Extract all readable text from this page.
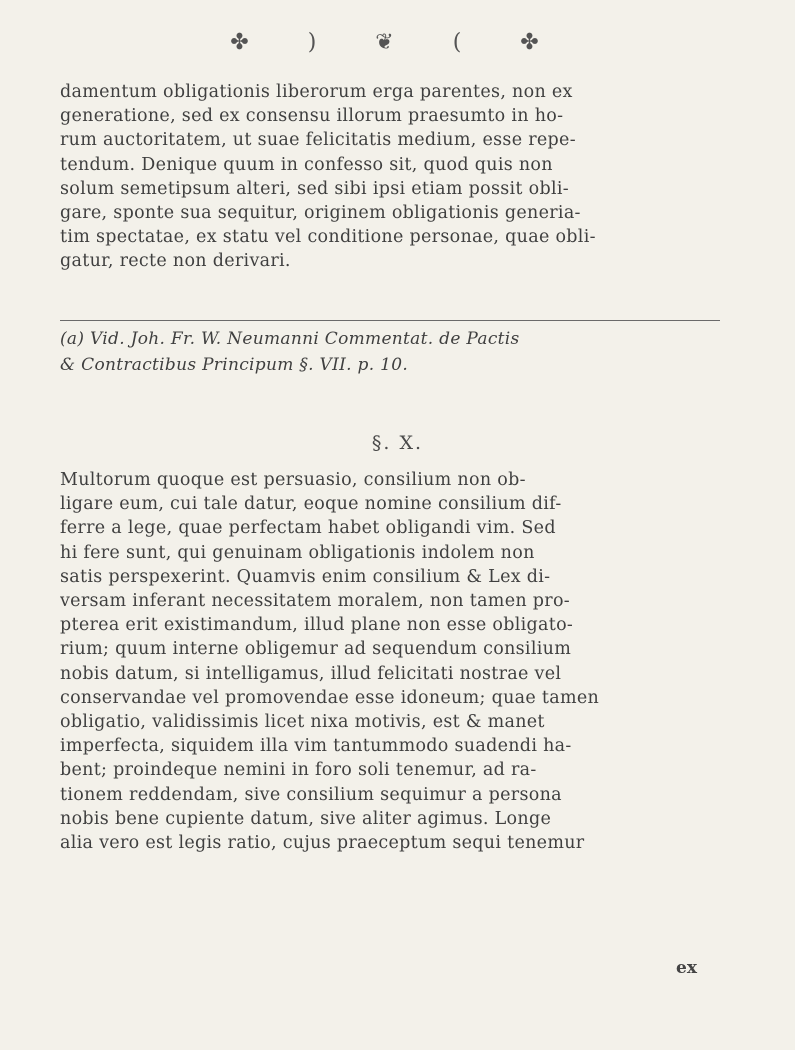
✤ ) ❦ ( ✤
damentum obligationis liberorum erga parentes, non ex
generatione, sed ex consensu illorum praesumto in ho-
rum auctoritatem, ut suae felicitatis medium, esse repe-
tendum. Denique quum in confesso sit, quod quis non
solum semetipsum alteri, sed sibi ipsi etiam possit obli-
gare, sponte sua sequitur, originem obligationis generia-
tim spectatae, ex statu vel conditione personae, quae obli-
gatur, recte non derivari.
(a) Vid. Joh. Fr. W. Neumanni Commentat. de Pactis
& Contractibus Principum §. VII. p. 10.
§. X.
Multorum quoque est persuasio, consilium non ob-
ligare eum, cui tale datur, eoque nomine consilium dif-
ferre a lege, quae perfectam habet obligandi vim. Sed
hi fere sunt, qui genuinam obligationis indolem non
satis perspexerint. Quamvis enim consilium & Lex di-
versam inferant necessitatem moralem, non tamen pro-
pterea erit existimandum, illud plane non esse obligato-
rium; quum interne obligemur ad sequendum consilium
nobis datum, si intelligamus, illud felicitati nostrae vel
conservandae vel promovendae esse idoneum; quae tamen
obligatio, validissimis licet nixa motivis, est & manet
imperfecta, siquidem illa vim tantummodo suadendi ha-
bent; proindeque nemini in foro soli tenemur, ad ra-
tionem reddendam, sive consilium sequimur a persona
nobis bene cupiente datum, sive aliter agimus. Longe
alia vero est legis ratio, cujus praeceptum sequi tenemur
ex
